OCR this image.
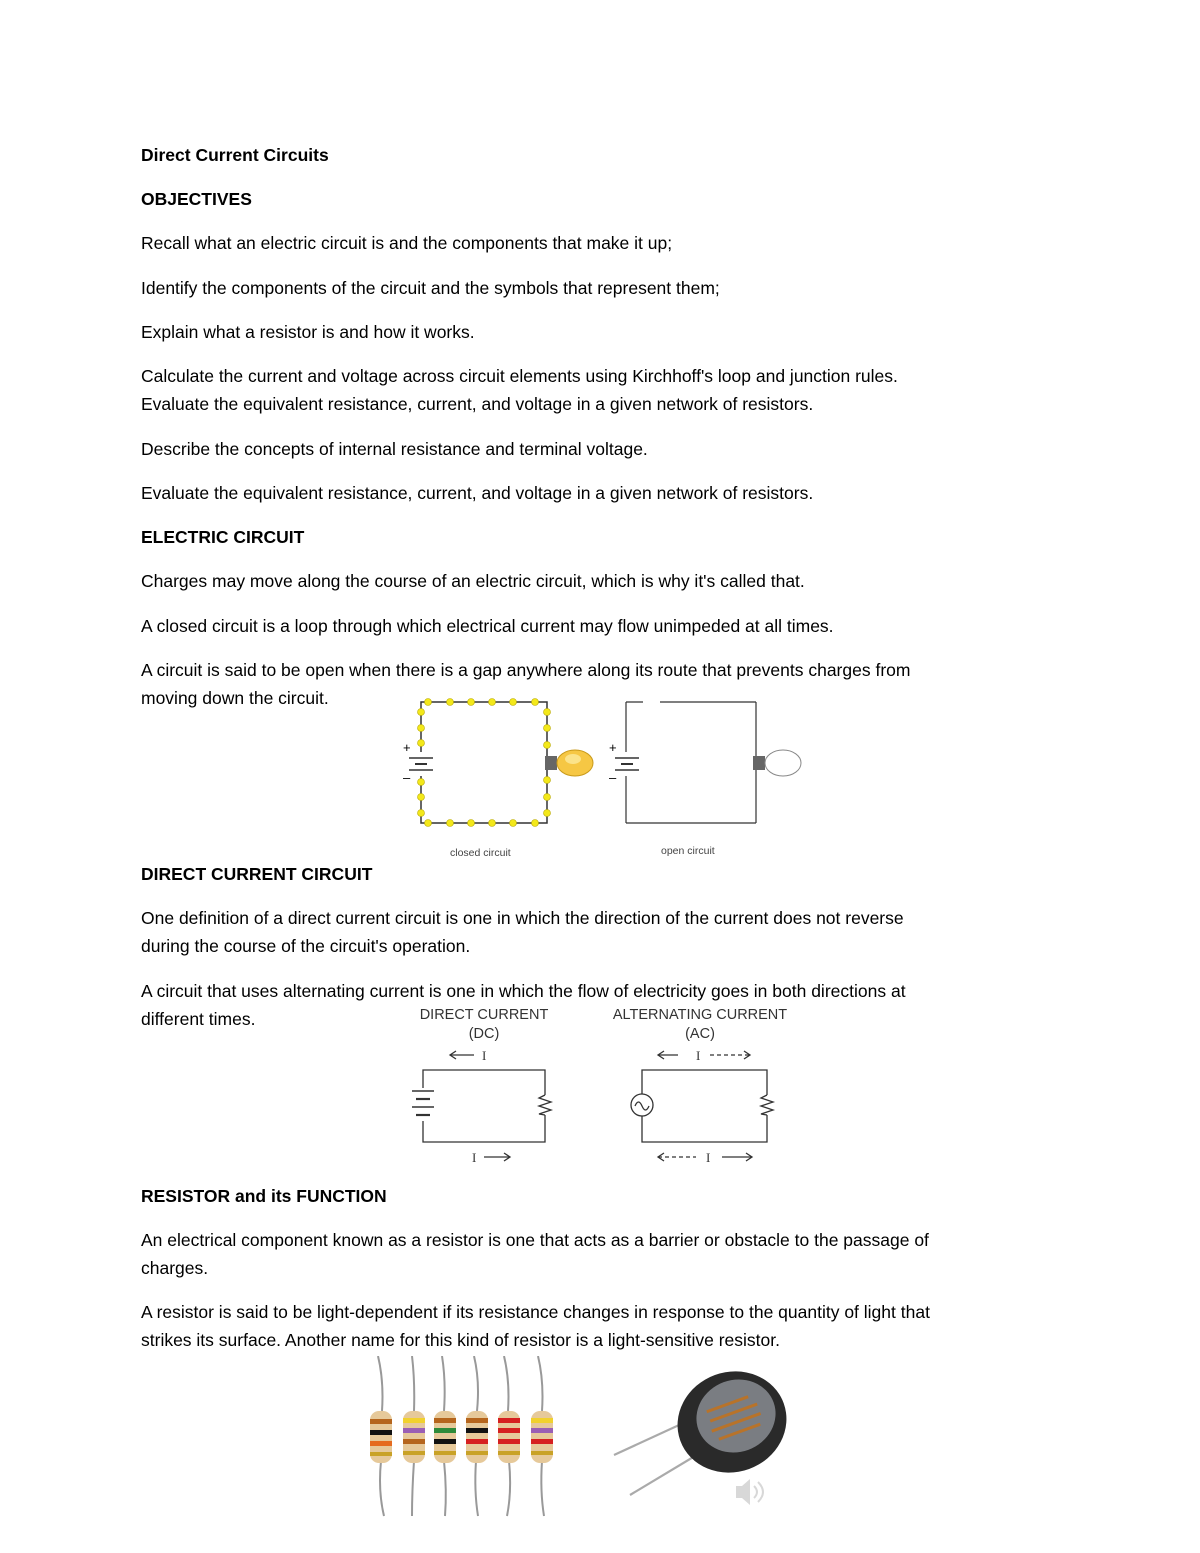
Direct Current Circuits
OBJECTIVES
Recall what an electric circuit is and the components that make it up;
Identify the components of the circuit and the symbols that represent them;
Explain what a resistor is and how it works.
Calculate the current and voltage across circuit elements using Kirchhoff's loop and junction rules.
Evaluate the equivalent resistance, current, and voltage in a given network of resistors.
Describe the concepts of internal resistance and terminal voltage.
Evaluate the equivalent resistance, current, and voltage in a given network of resistors.
ELECTRIC CIRCUIT
Charges may move along the course of an electric circuit, which is why it's called that.
A closed circuit is a loop through which electrical current may flow unimpeded at all times.
A circuit is said to be open when there is a gap anywhere along its route that prevents charges from
moving down the circuit.
+
–
+
–
closed circuit	open circuit
DIRECT CURRENT CIRCUIT
One definition of a direct current circuit is one in which the direction of the current does not reverse
during the course of the circuit's operation.
A circuit that uses alternating current is one in which the flow of electricity goes in both directions at
different times.	DIRECT CURRENT
(DC)
ALTERNATING CURRENT
(AC)
I
I
I
I
RESISTOR and its FUNCTION
An electrical component known as a resistor is one that acts as a barrier or obstacle to the passage of
charges.
A resistor is said to be light-dependent if its resistance changes in response to the quantity of light that
strikes its surface. Another name for this kind of resistor is a light-sensitive resistor.
